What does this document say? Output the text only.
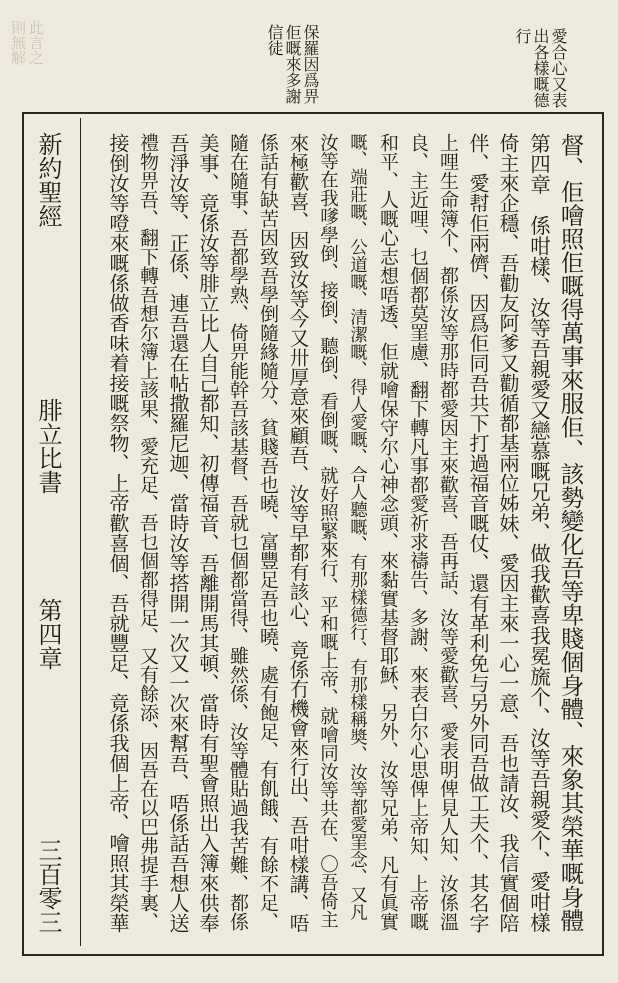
此言之
則無解	愛合心又表
出各樣嘅德
行
保羅因爲畀
佢嘅來多謝
信徒
新約聖經
腓立比書
第四章
三百零三	督、佢噲照佢嘅得萬事來服佢、該勢變化吾等卑賤個身體、來象其榮華嘅身體
第四章　係咁樣、汝等吾親愛又戀慕嘅兄弟、做我歡喜我冕旒个、汝等吾親愛个、愛咁樣
倚主來企穩、吾勸友阿爹又勸循都基兩位姊妹、愛因主來一心一意、吾也請汝、我信實個陪
伴、愛幇佢兩儕、因爲佢同吾共下打過福音嘅仗、還有革利免与另外同吾做工夫个、其名字
上哩生命簿个、都係汝等那時都愛因主來歡喜、吾再話、汝等愛歡喜、愛表明俾見人知、汝係溫
良、主近哩、乜個都莫罣慮、翻下轉凡事都愛祈求禱告、多謝、來表白尔心思俾上帝知、上帝嘅
和平、人嘅心志想唔透、佢就噲保守尔心神念頭、來黏實基督耶穌、另外、汝等兄弟、凡有眞實
嘅、端莊嘅、公道嘅、清潔嘅、得人愛嘅、合人聽嘅、有那樣德行、有那樣稱奬、汝等都愛罣念、又凡
汝等在我嗲學倒、接倒、聽倒、看倒嘅、就好照緊來行、平和嘅上帝、就噲同汝等共在、〇吾倚主
來極歡喜、因致汝等今又卅厚意來顧吾、汝等早都有該心、竟係冇機會來行出、吾咁樣講、唔
係話有缺苦因致吾學倒隨緣隨分、貧賤吾也曉、富豐足吾也曉、處有飽足、有飢餓、有餘不足、
隨在隨事、吾都學熟、倚畀能幹吾該基督、吾就乜個都當得、雖然係、汝等體貼過我苦難、都係
美事、竟係汝等腓立比人自己都知、初傳福音、吾離開馬其頓、當時有聖會照出入簿來供奉
吾淨汝等、正係、連吾還在帖撒羅尼迦、當時汝等搭開一次又一次來幫吾、唔係話吾想人送
禮物畀吾、翻下轉吾想尔簿上該果、愛充足、吾乜個都得足、又有餘添、因吾在以巴弗提手裏、
接倒汝等噔來嘅係做香味着接嘅祭物、上帝歡喜個、吾就豐足、竟係我個上帝、噲照其榮華
